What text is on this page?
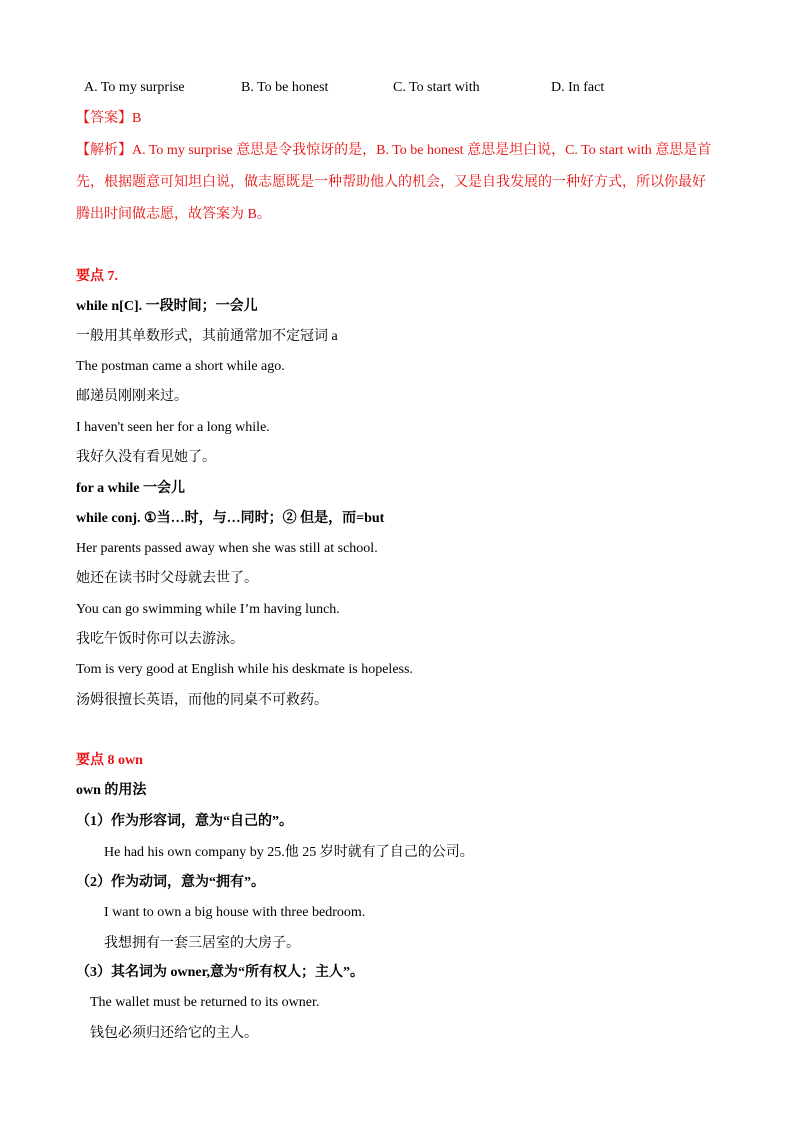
A. To my surprise	B. To be honest	C. To start with	D. In fact
【答案】B
【解析】A. To my surprise 意思是令我惊讶的是，B. To be honest 意思是坦白说，C. To start with 意思是首
先，根据题意可知坦白说，做志愿既是一种帮助他人的机会，又是自我发展的一种好方式，所以你最好
腾出时间做志愿，故答案为 B。
要点 7.
while n[C]. 一段时间；一会儿
一般用其单数形式，其前通常加不定冠词 a
The postman came a short while ago.
邮递员刚刚来过。
I haven't seen her for a long while.
我好久没有看见她了。
for a while 一会儿
while conj. ①当…时，与…同时；② 但是，而=but
Her parents passed away when she was still at school.
她还在读书时父母就去世了。
You can go swimming while I’m having lunch.
我吃午饭时你可以去游泳。
Tom is very good at English while his deskmate is hopeless.
汤姆很擅长英语，而他的同桌不可救药。
要点 8 own
own 的用法
（1）作为形容词，意为“自己的”。
He had his own company by 25.他 25 岁时就有了自己的公司。
（2）作为动词，意为“拥有”。
I want to own a big house with three bedroom.
我想拥有一套三居室的大房子。
（3）其名词为 owner,意为“所有权人；主人”。
The wallet must be returned to its owner.
钱包必须归还给它的主人。
